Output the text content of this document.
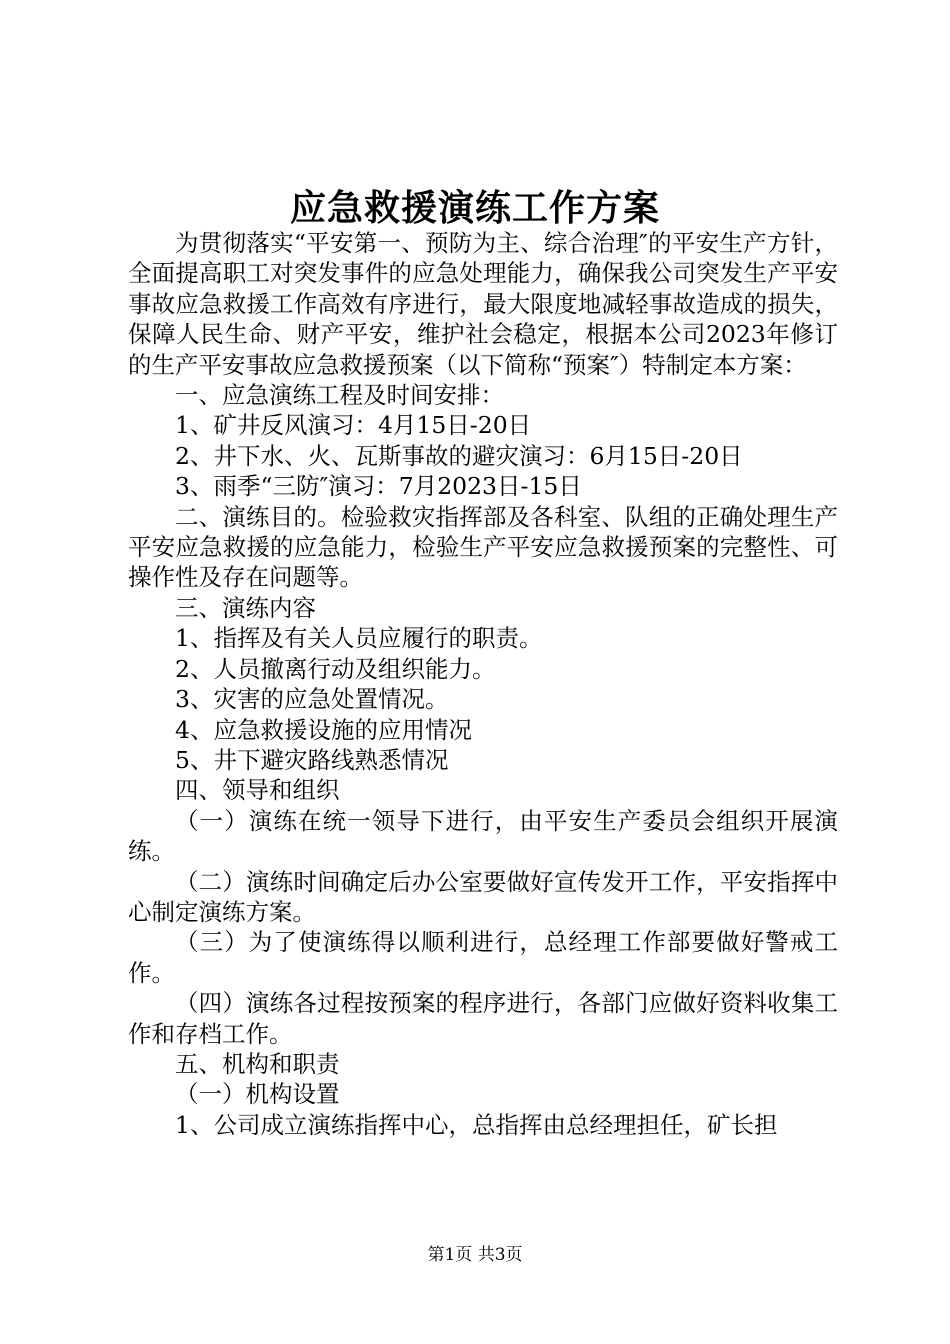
应急救援演练工作方案

为贯彻落实“平安第一、预防为主、综合治理″的平安生产方针，全面提高职工对突发事件的应急处理能力，确保我公司突发生产平安事故应急救援工作高效有序进行，最大限度地减轻事故造成的损失，保障人民生命、财产平安，维护社会稳定，根据本公司2023年修订的生产平安事故应急救援预案（以下简称“预案″）特制定本方案：

一、应急演练工程及时间安排：

1、矿井反风演习：4月15日-20日

2、井下水、火、瓦斯事故的避灾演习：6月15日-20日

3、雨季“三防″演习：7月2023日-15日

二、演练目的。检验救灾指挥部及各科室、队组的正确处理生产平安应急救援的应急能力，检验生产平安应急救援预案的完整性、可操作性及存在问题等。

三、演练内容

1、指挥及有关人员应履行的职责。

2、人员撤离行动及组织能力。

3、灾害的应急处置情况。

4、应急救援设施的应用情况

5、井下避灾路线熟悉情况

四、领导和组织

（一）演练在统一领导下进行，由平安生产委员会组织开展演练。

（二）演练时间确定后办公室要做好宣传发开工作，平安指挥中心制定演练方案。

（三）为了使演练得以顺利进行，总经理工作部要做好警戒工作。

（四）演练各过程按预案的程序进行，各部门应做好资料收集工作和存档工作。

五、机构和职责

（一）机构设置

1、公司成立演练指挥中心，总指挥由总经理担任，矿长担

第1页 共3页
